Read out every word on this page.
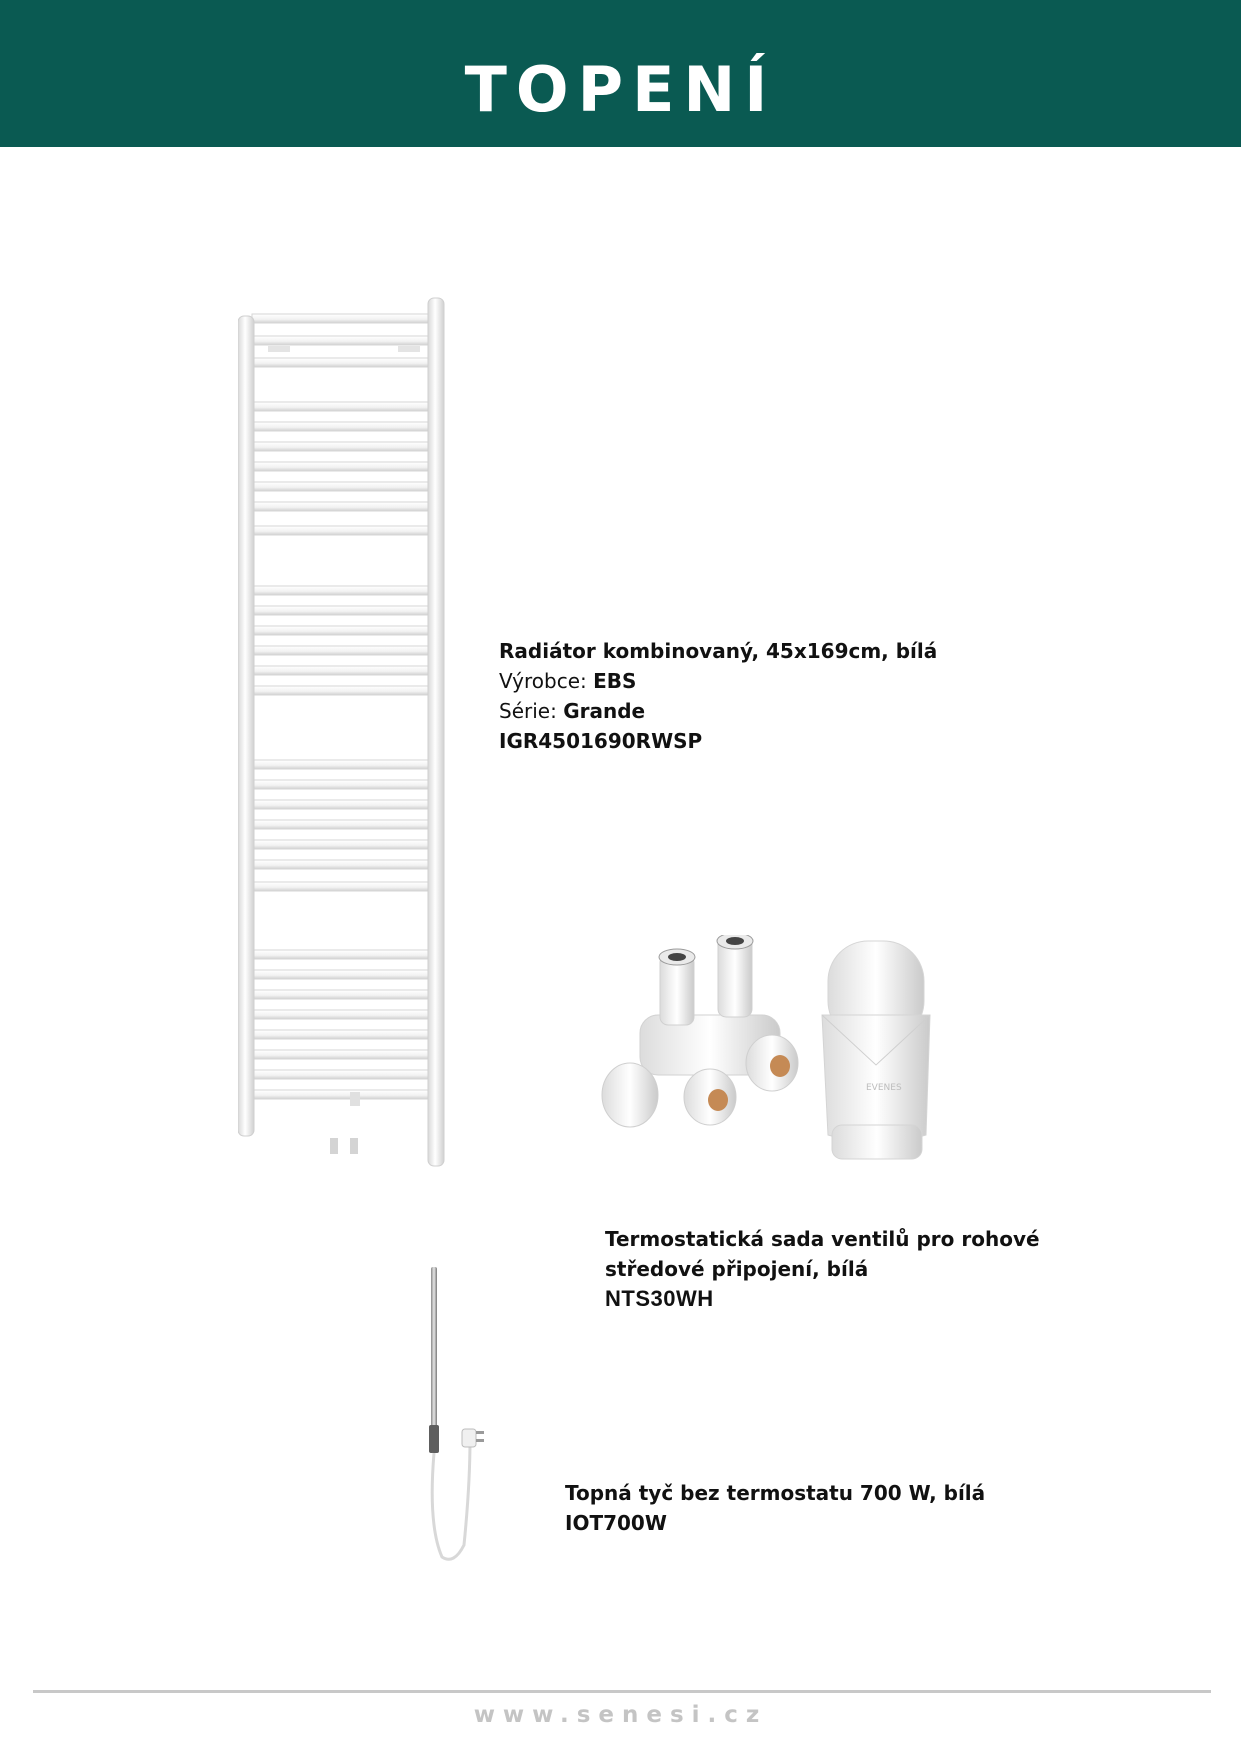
TOPENÍ
Radiátor kombinovaný, 45x169cm, bílá
Výrobce: EBS
Série: Grande
IGR4501690RWSP
EVENES
Termostatická sada ventilů pro rohové
středové připojení, bílá
NTS30WH
Topná tyč bez termostatu 700 W, bílá
IOT700W
www.senesi.cz
